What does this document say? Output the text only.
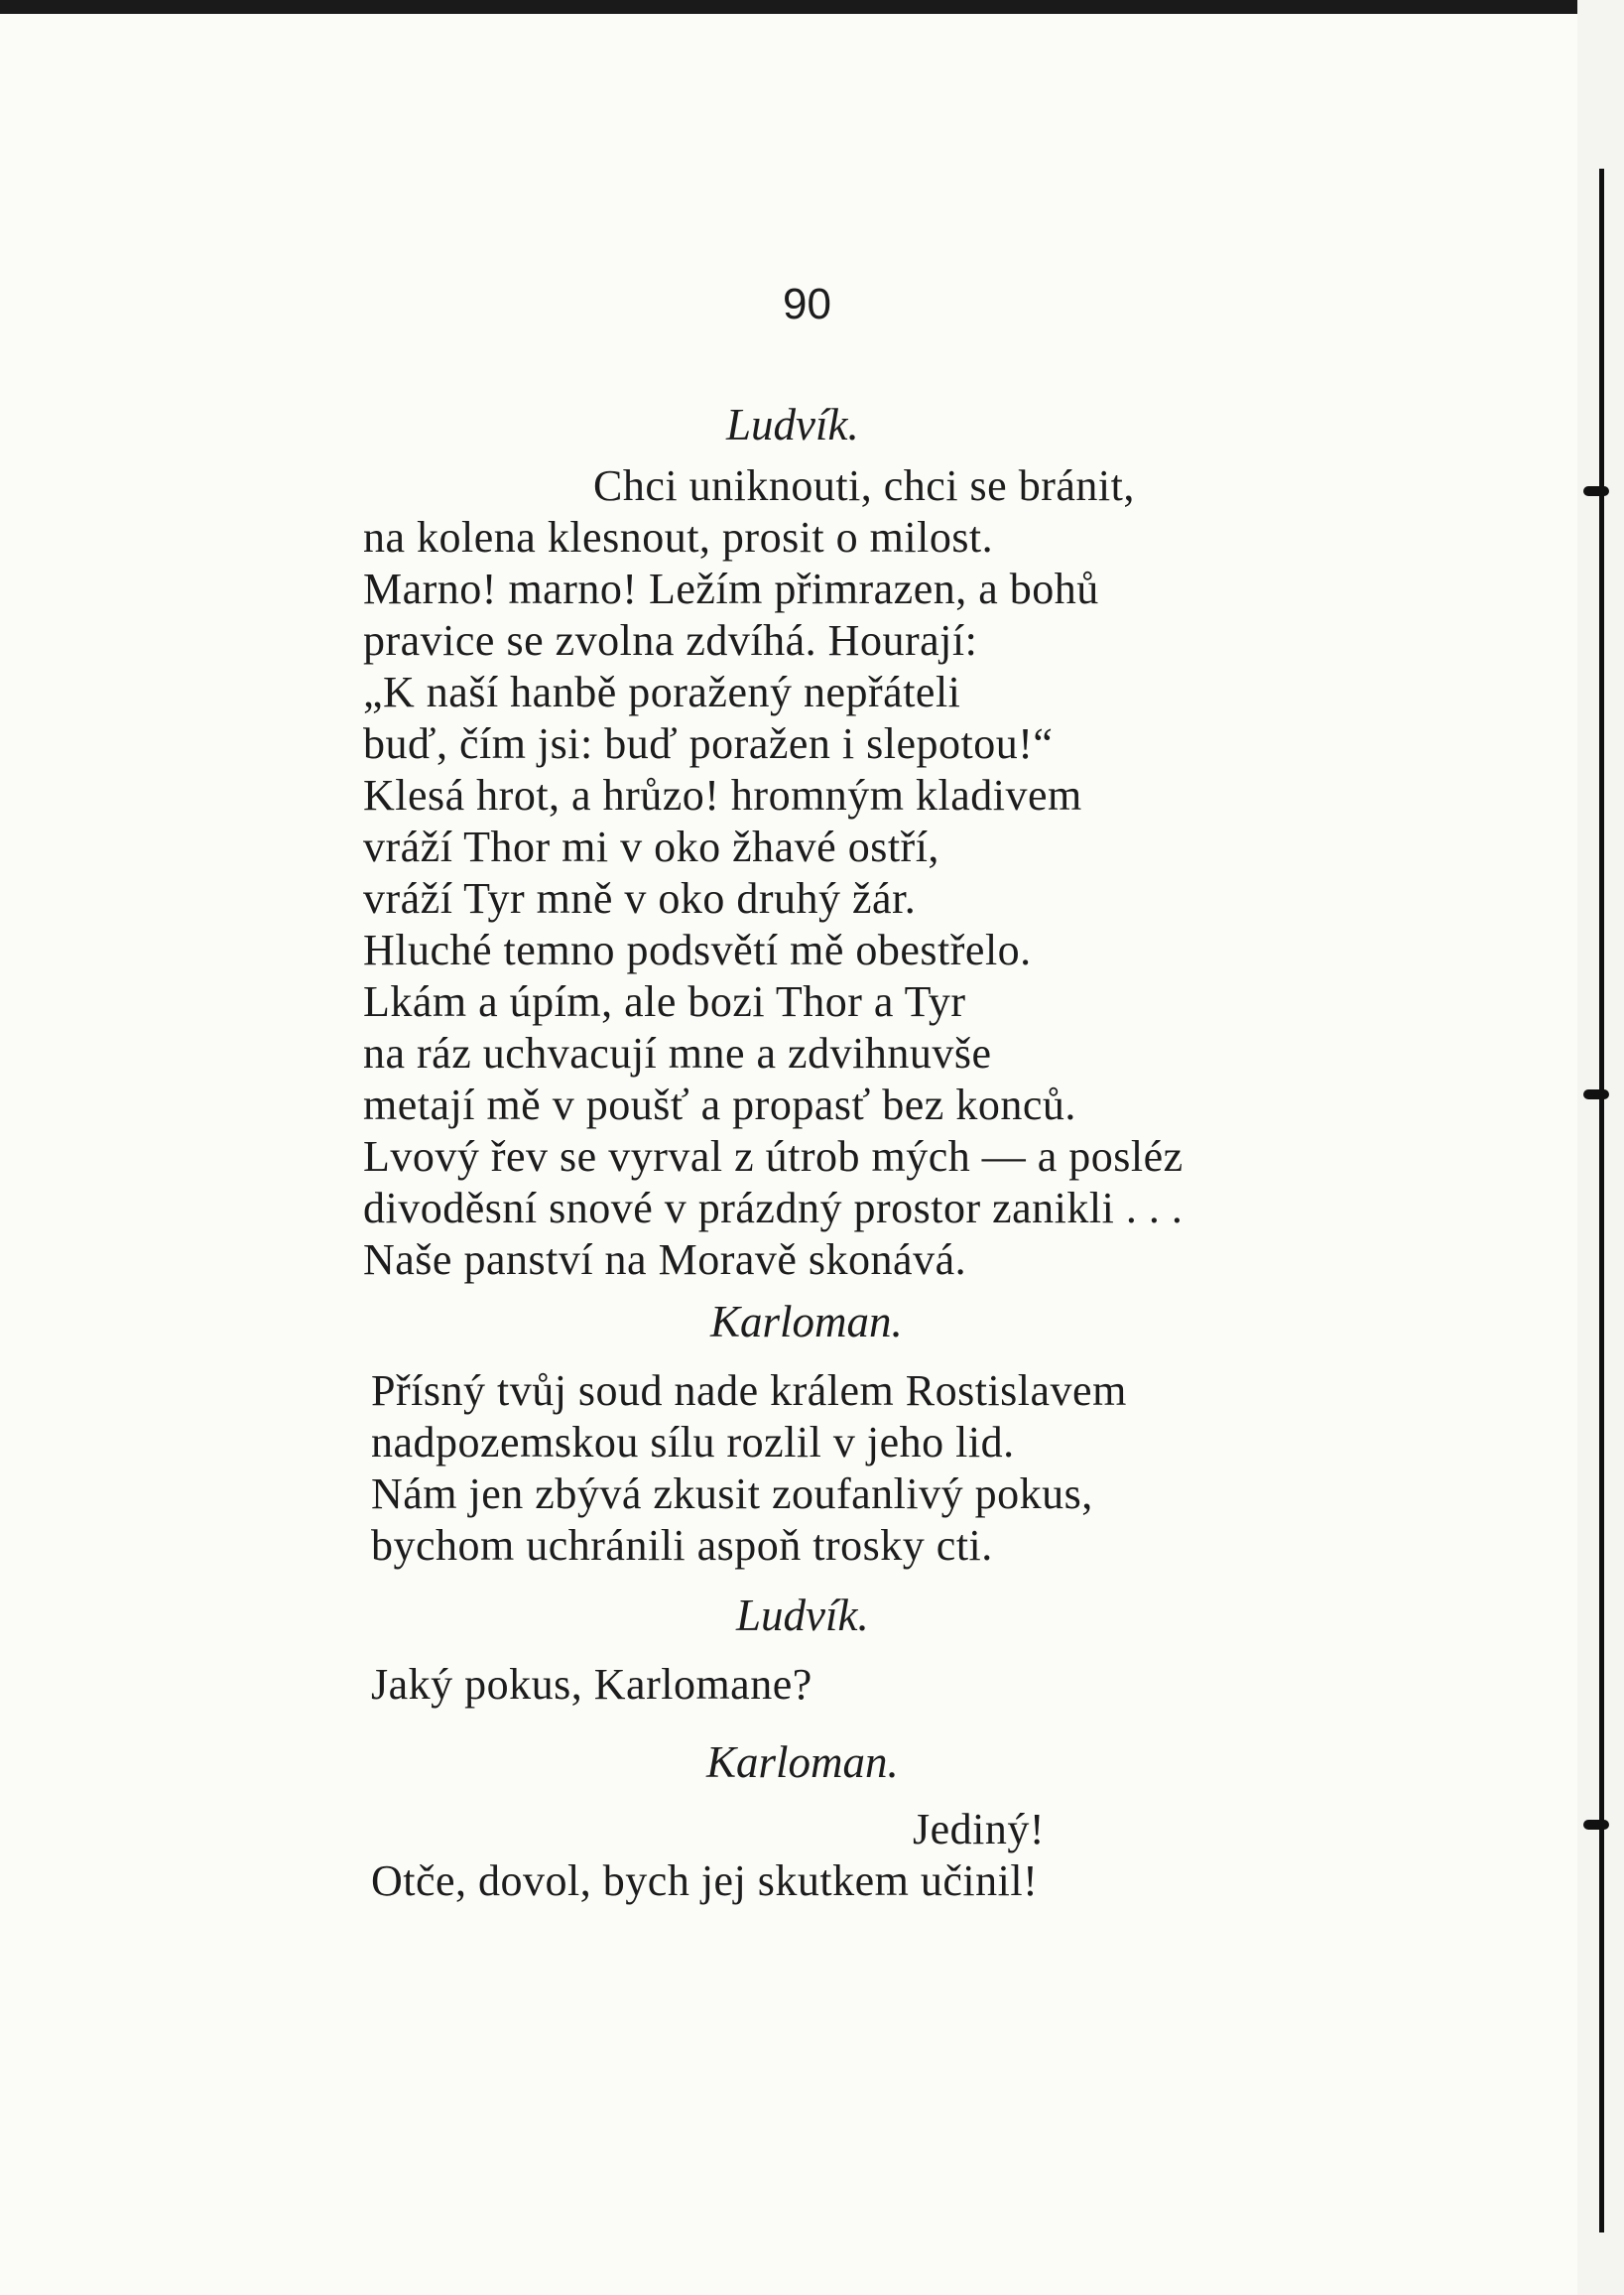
90
Ludvík.
Chci uniknouti, chci se bránit,
na kolena klesnout, prosit o milost.
Marno! marno! Ležím přimrazen, a bohů
pravice se zvolna zdvíhá. Hourají:
„K naší hanbě poražený nepřáteli
buď, čím jsi: buď poražen i slepotou!“
Klesá hrot, a hrůzo! hromným kladivem
vráží Thor mi v oko žhavé ostří,
vráží Tyr mně v oko druhý žár.
Hluché temno podsvětí mě obestřelo.
Lkám a úpím, ale bozi Thor a Tyr
na ráz uchvacují mne a zdvihnuvše
metají mě v poušť a propasť bez konců.
Lvový řev se vyrval z útrob mých — a posléz
divoděsní snové v prázdný prostor zanikli . . .
Naše panství na Moravě skonává.
Karloman.
Přísný tvůj soud nade králem Rostislavem
nadpozemskou sílu rozlil v jeho lid.
Nám jen zbývá zkusit zoufanlivý pokus,
bychom uchránili aspoň trosky cti.
Ludvík.
Jaký pokus, Karlomane?
Karloman.
Jediný!
Otče, dovol, bych jej skutkem učinil!
